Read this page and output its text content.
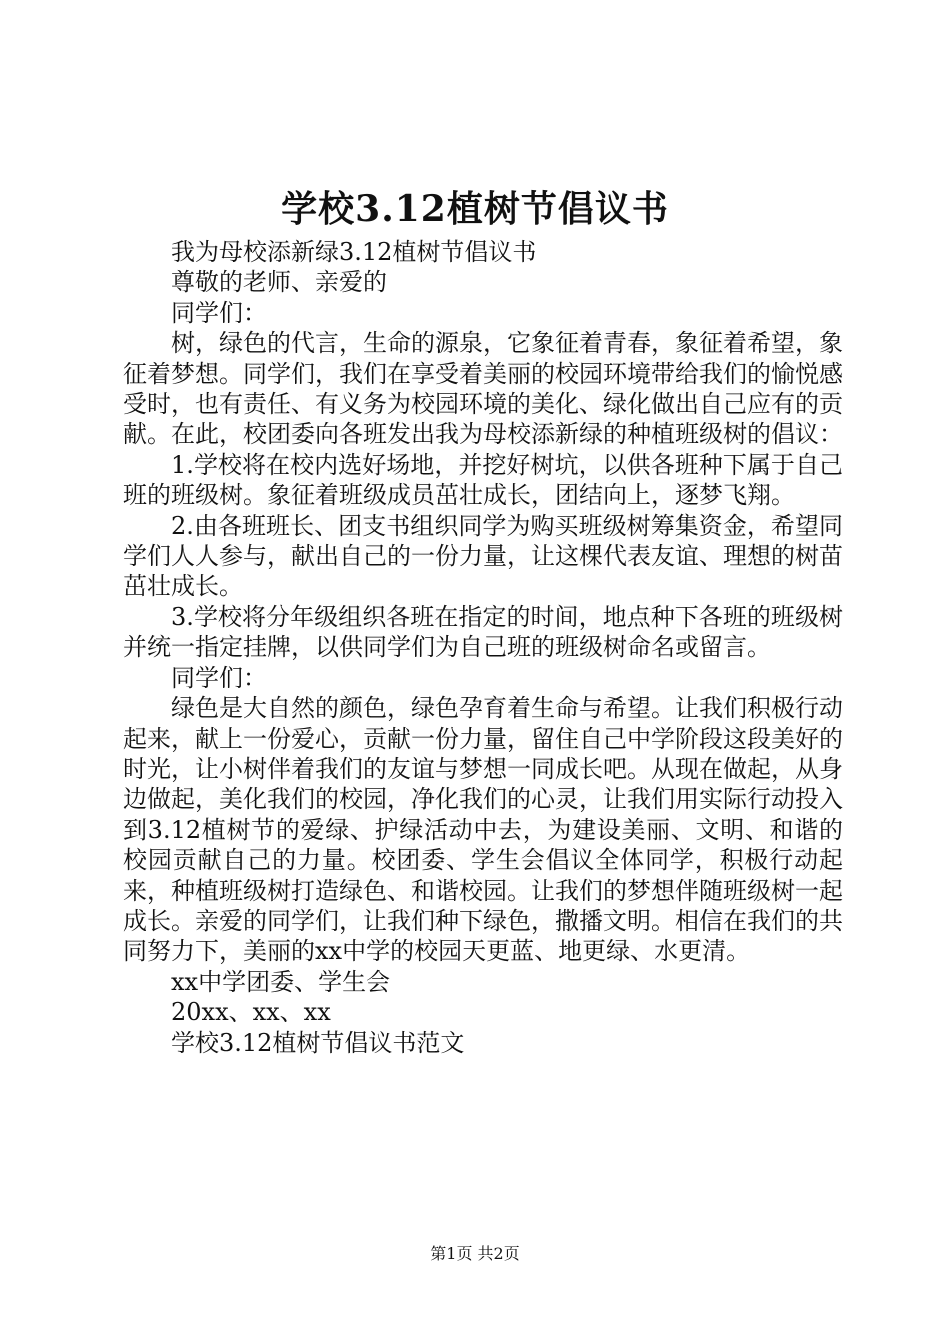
学校3.12植树节倡议书

我为母校添新绿3.12植树节倡议书

尊敬的老师、亲爱的

同学们：

树，绿色的代言，生命的源泉，它象征着青春，象征着希望，象征着梦想。同学们，我们在享受着美丽的校园环境带给我们的愉悦感受时，也有责任、有义务为校园环境的美化、绿化做出自己应有的贡献。在此，校团委向各班发出我为母校添新绿的种植班级树的倡议：

1.学校将在校内选好场地，并挖好树坑，以供各班种下属于自己班的班级树。象征着班级成员茁壮成长，团结向上，逐梦飞翔。

2.由各班班长、团支书组织同学为购买班级树筹集资金，希望同学们人人参与，献出自己的一份力量，让这棵代表友谊、理想的树苗茁壮成长。

3.学校将分年级组织各班在指定的时间，地点种下各班的班级树并统一指定挂牌，以供同学们为自己班的班级树命名或留言。

同学们：

绿色是大自然的颜色，绿色孕育着生命与希望。让我们积极行动起来，献上一份爱心，贡献一份力量，留住自己中学阶段这段美好的时光，让小树伴着我们的友谊与梦想一同成长吧。从现在做起，从身边做起，美化我们的校园，净化我们的心灵，让我们用实际行动投入到3.12植树节的爱绿、护绿活动中去，为建设美丽、文明、和谐的校园贡献自己的力量。校团委、学生会倡议全体同学，积极行动起来，种植班级树打造绿色、和谐校园。让我们的梦想伴随班级树一起成长。亲爱的同学们，让我们种下绿色，撒播文明。相信在我们的共同努力下，美丽的xx中学的校园天更蓝、地更绿、水更清。

xx中学团委、学生会

20xx、xx、xx

学校3.12植树节倡议书范文

第1页 共2页
